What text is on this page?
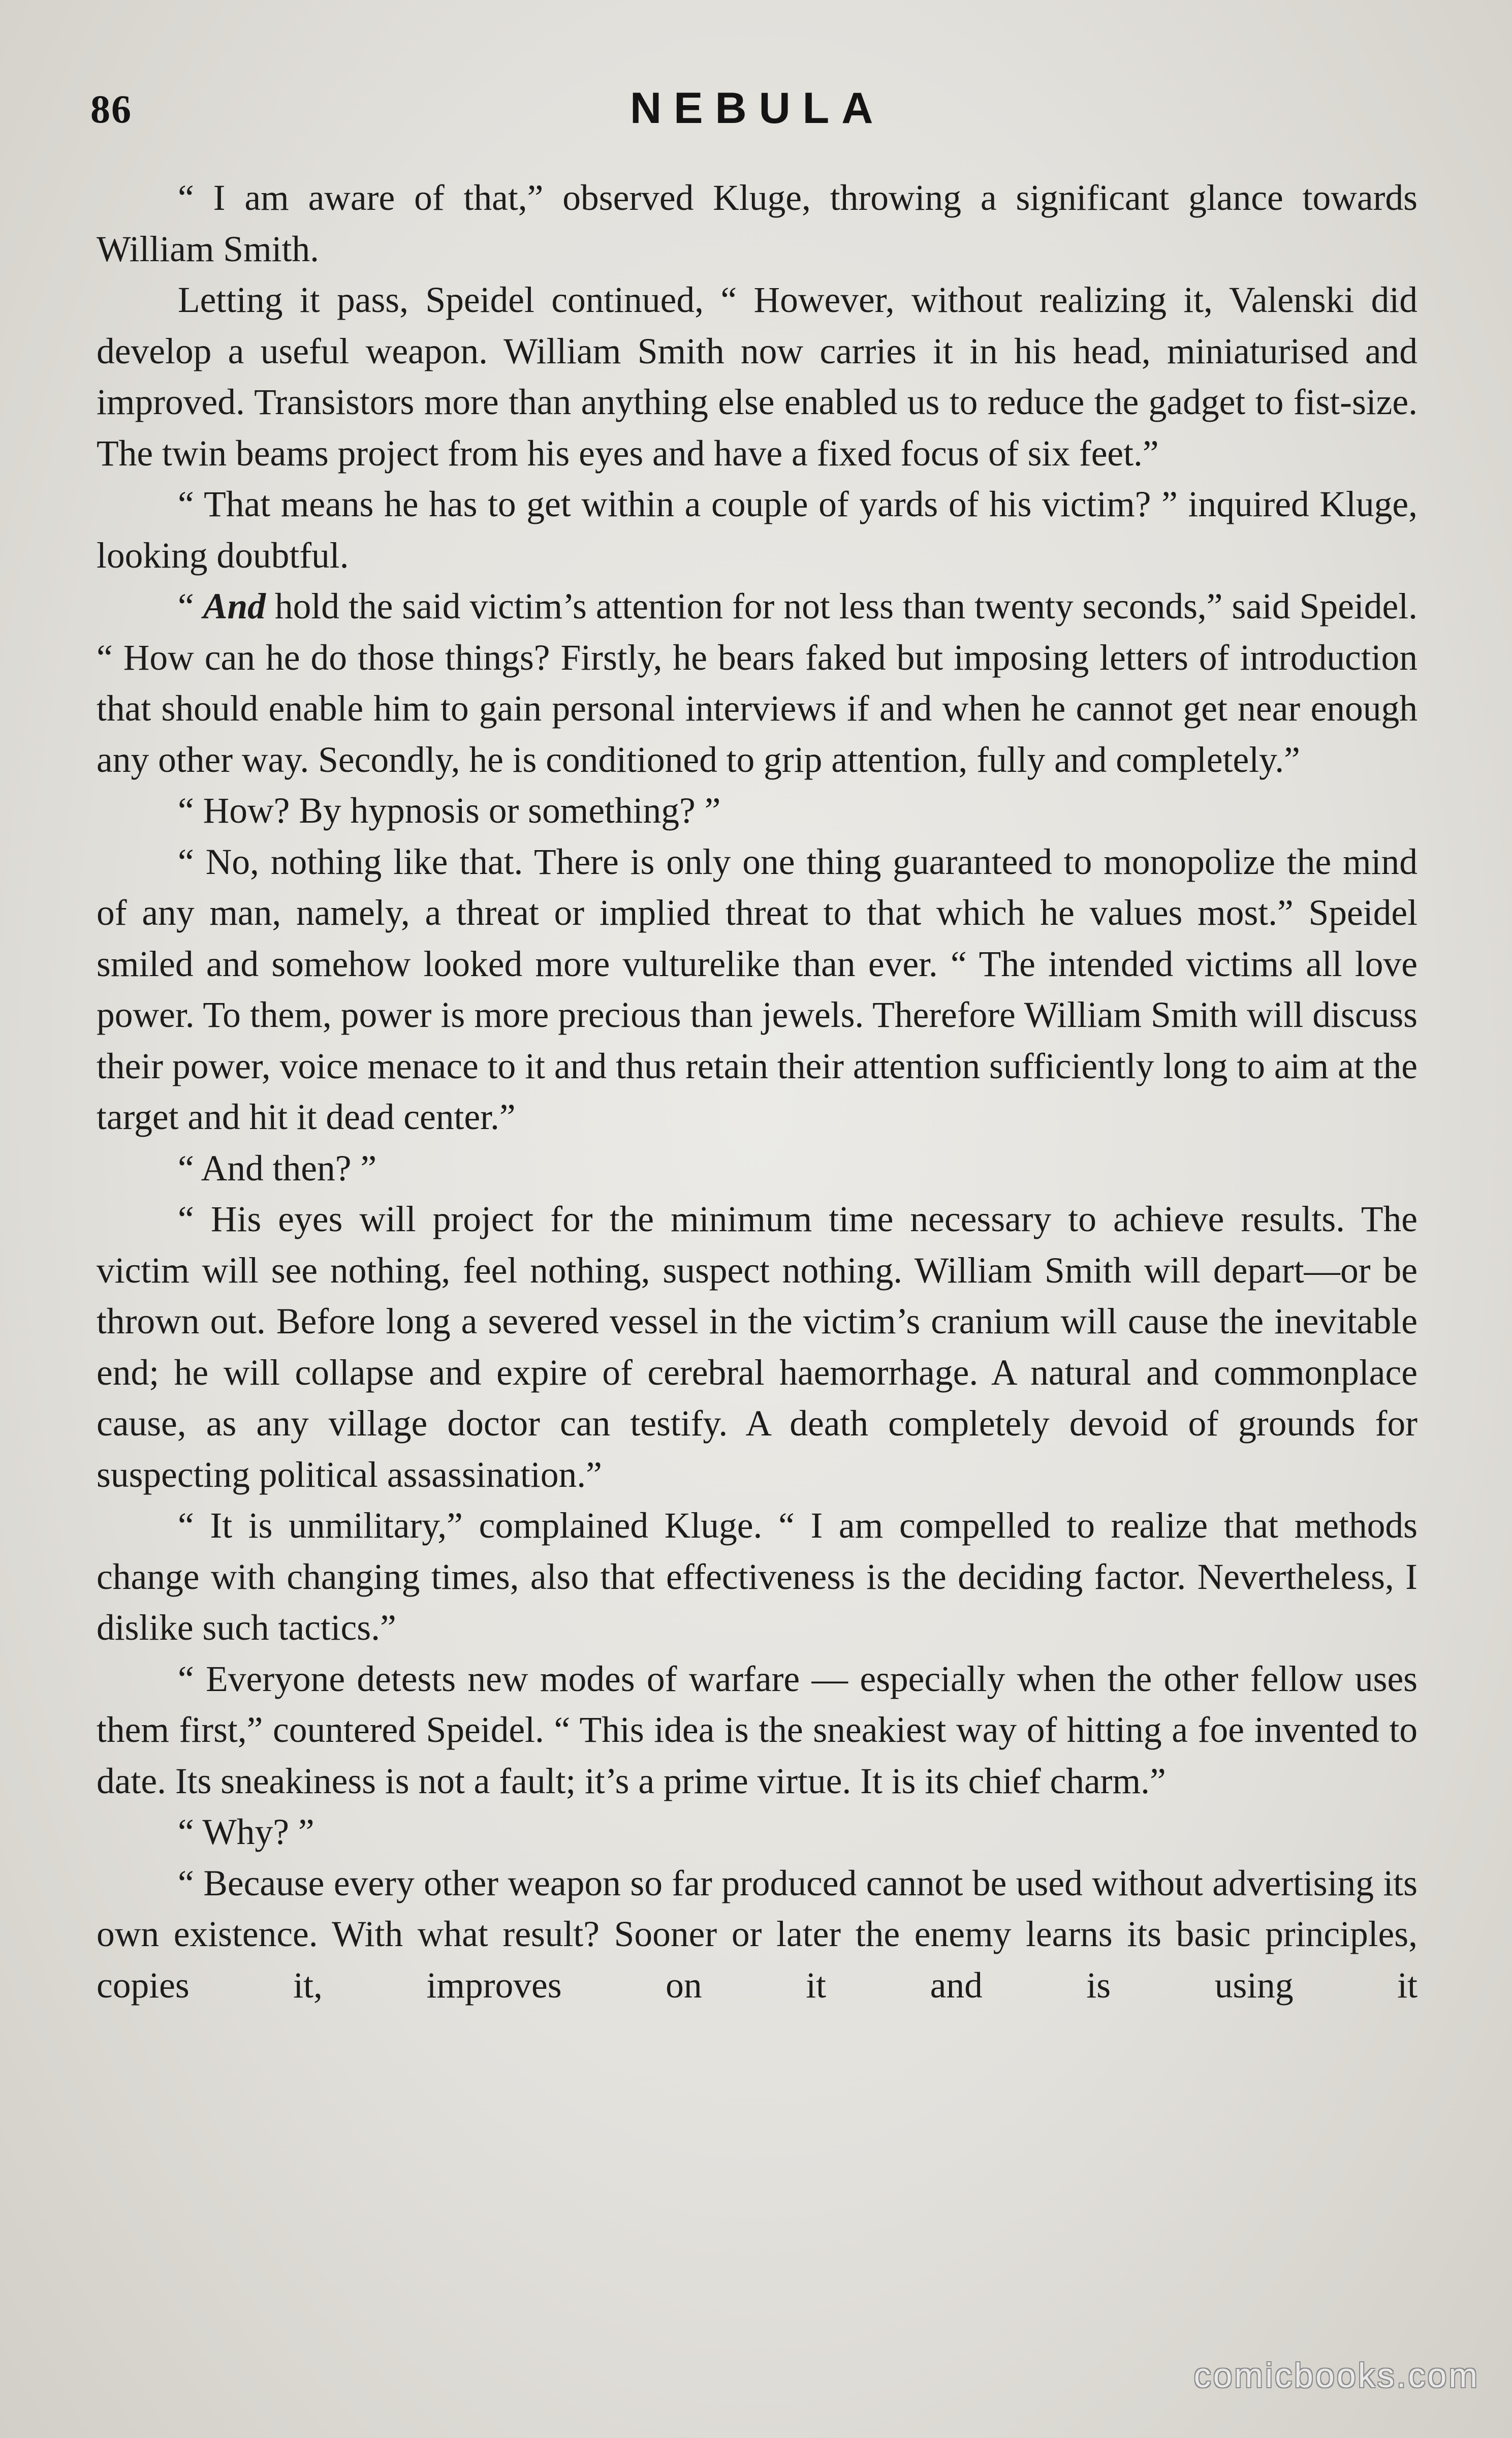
86	NEBULA

“ I am aware of that,” observed Kluge, throwing a significant glance towards William Smith.

Letting it pass, Speidel continued, “ However, without realizing it, Valenski did develop a useful weapon. William Smith now carries it in his head, miniaturised and improved. Transistors more than anything else enabled us to reduce the gadget to fist-size. The twin beams project from his eyes and have a fixed focus of six feet.”

“ That means he has to get within a couple of yards of his victim? ” inquired Kluge, looking doubtful.

“ And hold the said victim’s attention for not less than twenty seconds,” said Speidel. “ How can he do those things? Firstly, he bears faked but imposing letters of introduction that should enable him to gain personal interviews if and when he cannot get near enough any other way. Secondly, he is conditioned to grip attention, fully and completely.”

“ How? By hypnosis or something? ”

“ No, nothing like that. There is only one thing guaranteed to monopolize the mind of any man, namely, a threat or implied threat to that which he values most.” Speidel smiled and somehow looked more vulturelike than ever. “ The intended victims all love power. To them, power is more precious than jewels. Therefore William Smith will discuss their power, voice menace to it and thus retain their attention sufficiently long to aim at the target and hit it dead center.”

“ And then? ”

“ His eyes will project for the minimum time necessary to achieve results. The victim will see nothing, feel nothing, suspect nothing. William Smith will depart—or be thrown out. Before long a severed vessel in the victim’s cranium will cause the inevitable end; he will collapse and expire of cerebral haemorrhage. A natural and commonplace cause, as any village doctor can testify. A death completely devoid of grounds for suspecting political assassination.”

“ It is unmilitary,” complained Kluge. “ I am compelled to realize that methods change with changing times, also that effectiveness is the deciding factor. Nevertheless, I dislike such tactics.”

“ Everyone detests new modes of warfare — especially when the other fellow uses them first,” countered Speidel. “ This idea is the sneakiest way of hitting a foe invented to date. Its sneakiness is not a fault; it’s a prime virtue. It is its chief charm.”

“ Why? ”

“ Because every other weapon so far produced cannot be used without advertising its own existence. With what result? Sooner or later the enemy learns its basic principles, copies it, improves on it and is using it

comicbooks.com
